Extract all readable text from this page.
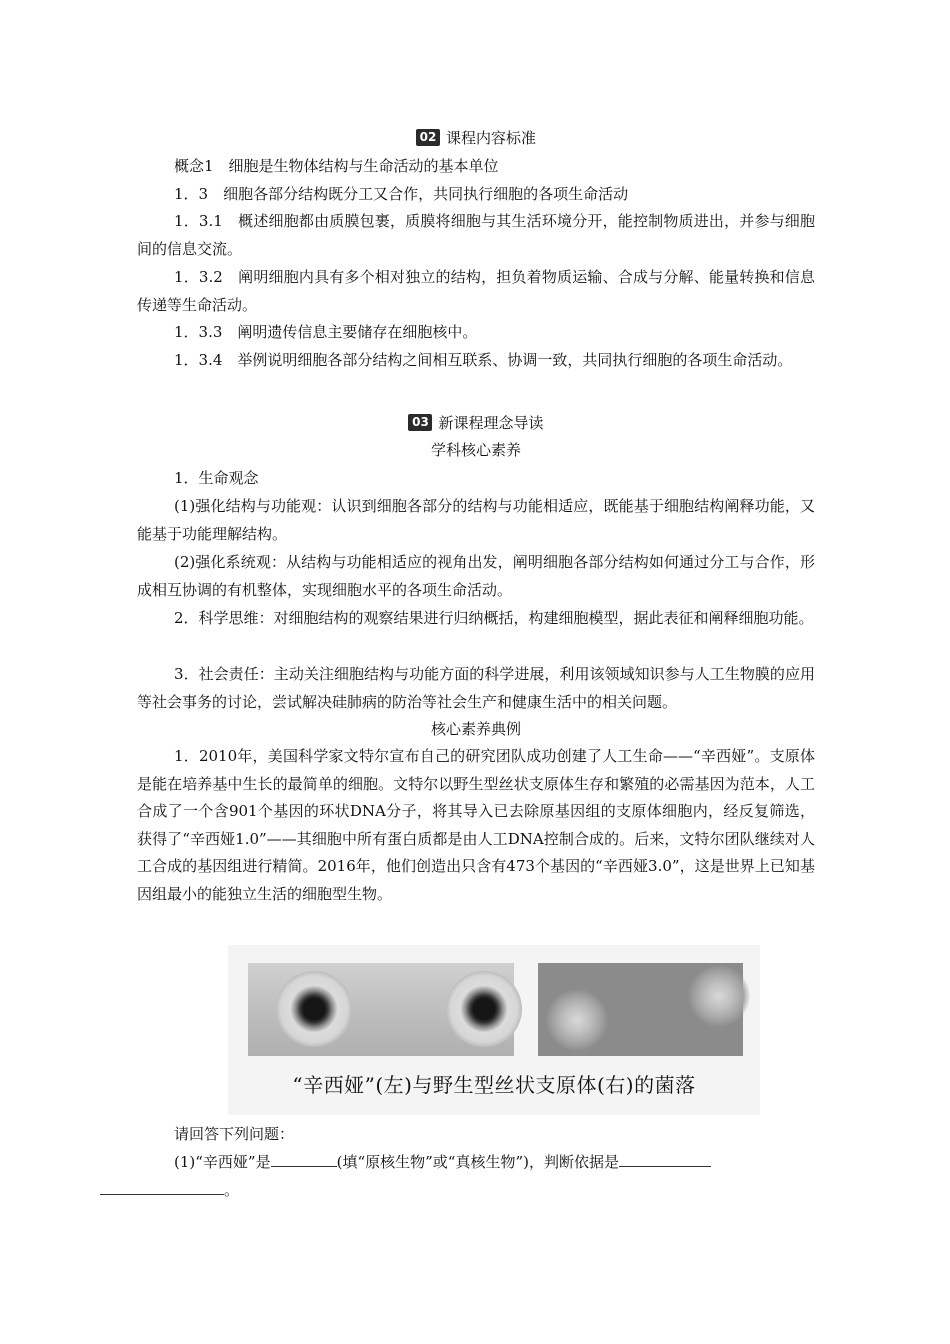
02 课程内容标准
概念1　细胞是生物体结构与生命活动的基本单位
1．3　细胞各部分结构既分工又合作，共同执行细胞的各项生命活动
1．3.1　概述细胞都由质膜包裹，质膜将细胞与其生活环境分开，能控制物质进出，并参与细胞间的信息交流。
1．3.2　阐明细胞内具有多个相对独立的结构，担负着物质运输、合成与分解、能量转换和信息传递等生命活动。
1．3.3　阐明遗传信息主要储存在细胞核中。
1．3.4　举例说明细胞各部分结构之间相互联系、协调一致，共同执行细胞的各项生命活动。
03 新课程理念导读
学科核心素养
1．生命观念
(1)强化结构与功能观：认识到细胞各部分的结构与功能相适应，既能基于细胞结构阐释功能，又能基于功能理解结构。
(2)强化系统观：从结构与功能相适应的视角出发，阐明细胞各部分结构如何通过分工与合作，形成相互协调的有机整体，实现细胞水平的各项生命活动。
2．科学思维：对细胞结构的观察结果进行归纳概括，构建细胞模型，据此表征和阐释细胞功能。
3．社会责任：主动关注细胞结构与功能方面的科学进展，利用该领域知识参与人工生物膜的应用等社会事务的讨论，尝试解决硅肺病的防治等社会生产和健康生活中的相关问题。
核心素养典例
1．2010年，美国科学家文特尔宣布自己的研究团队成功创建了人工生命——“辛西娅”。支原体是能在培养基中生长的最简单的细胞。文特尔以野生型丝状支原体生存和繁殖的必需基因为范本，人工合成了一个含901个基因的环状DNA分子，将其导入已去除原基因组的支原体细胞内，经反复筛选，获得了“辛西娅1.0”——其细胞中所有蛋白质都是由人工DNA控制合成的。后来，文特尔团队继续对人工合成的基因组进行精简。2016年，他们创造出只含有473个基因的“辛西娅3.0”，这是世界上已知基因组最小的能独立生活的细胞型生物。
“辛西娅”(左)与野生型丝状支原体(右)的菌落
请回答下列问题：
(1)“辛西娅”是	(填“原核生物”或“真核生物”)，判断依据是
。
